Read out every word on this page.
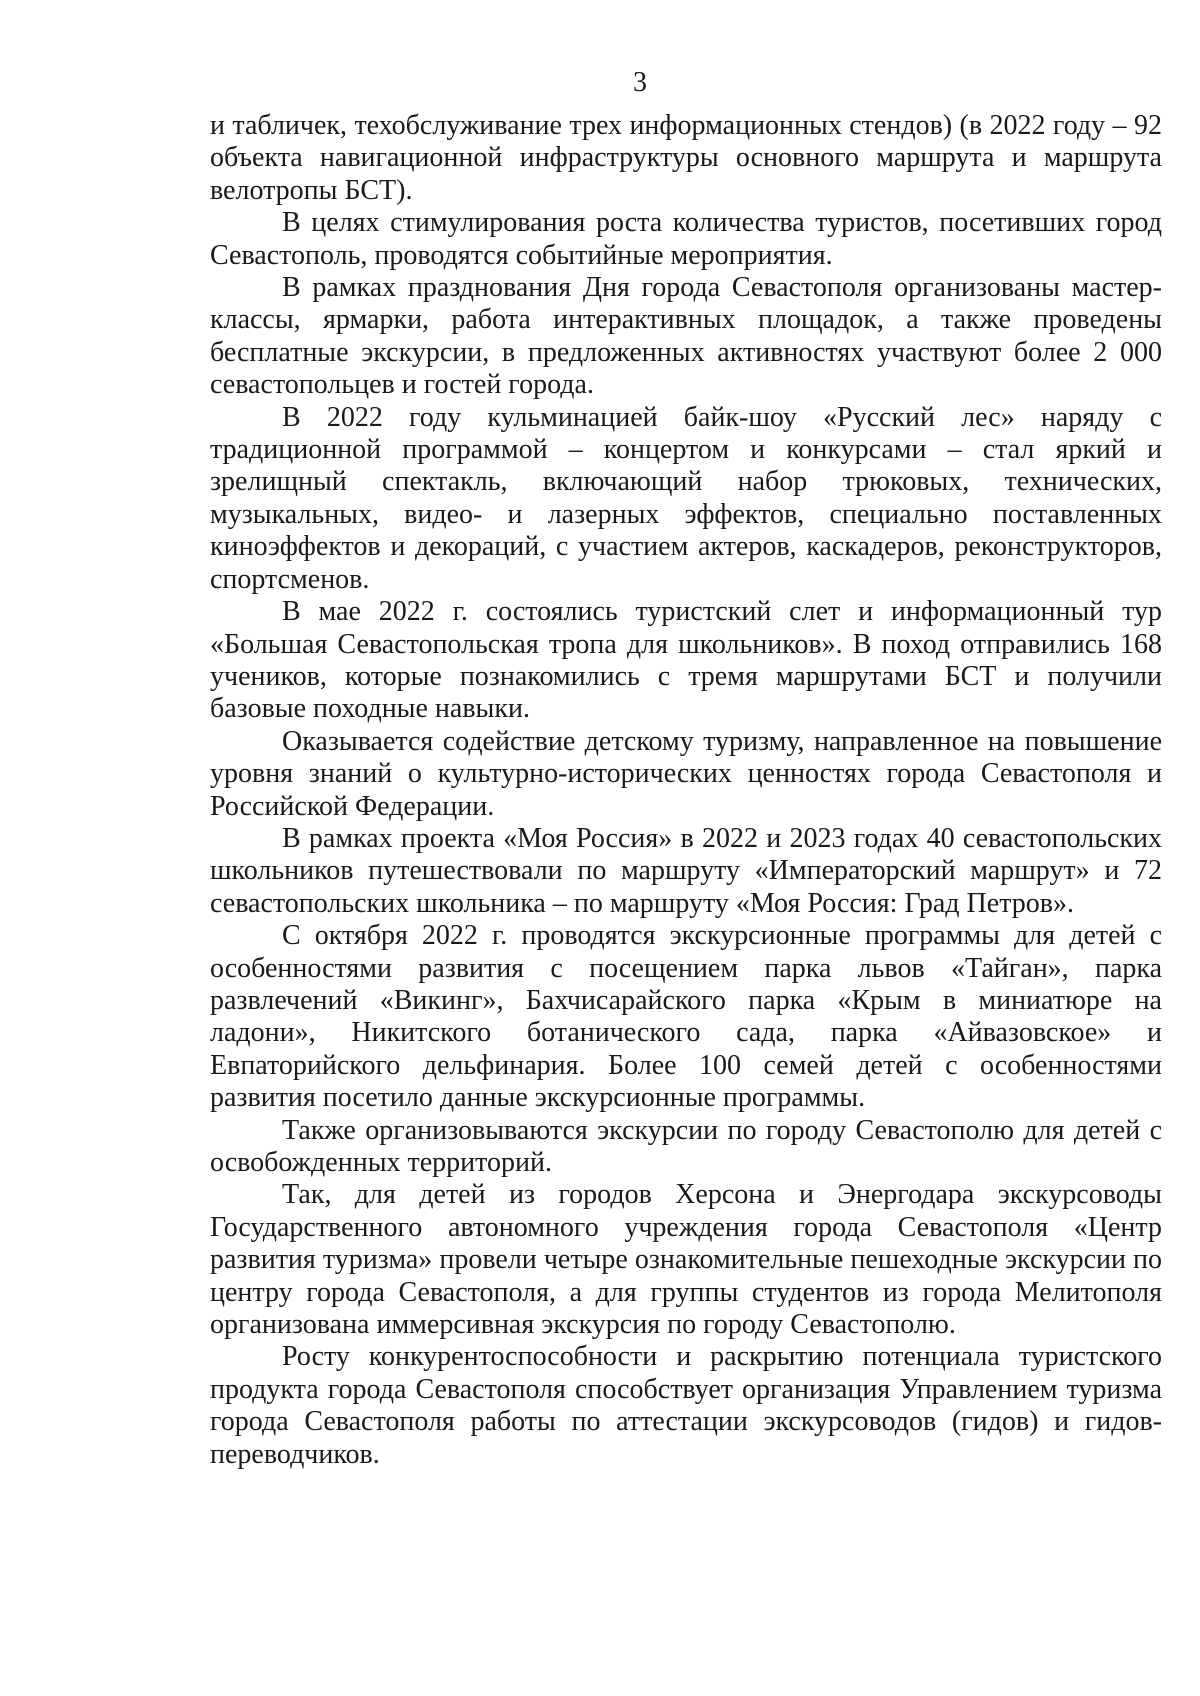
3

и табличек, техобслуживание трех информационных стендов) (в 2022 году – 92 объекта навигационной инфраструктуры основного маршрута и маршрута велотропы БСТ).

В целях стимулирования роста количества туристов, посетивших город Севастополь, проводятся событийные мероприятия.

В рамках празднования Дня города Севастополя организованы мастер-классы, ярмарки, работа интерактивных площадок, а также проведены бесплатные экскурсии, в предложенных активностях участвуют более 2 000 севастопольцев и гостей города.

В 2022 году кульминацией байк-шоу «Русский лес» наряду с традиционной программой – концертом и конкурсами – стал яркий и зрелищный спектакль, включающий набор трюковых, технических, музыкальных, видео- и лазерных эффектов, специально поставленных киноэффектов и декораций, с участием актеров, каскадеров, реконструкторов, спортсменов.

В мае 2022 г. состоялись туристский слет и информационный тур «Большая Севастопольская тропа для школьников». В поход отправились 168 учеников, которые познакомились с тремя маршрутами БСТ и получили базовые походные навыки.

Оказывается содействие детскому туризму, направленное на повышение уровня знаний о культурно-исторических ценностях города Севастополя и Российской Федерации.

В рамках проекта «Моя Россия» в 2022 и 2023 годах 40 севастопольских школьников путешествовали по маршруту «Императорский маршрут» и 72 севастопольских школьника – по маршруту «Моя Россия: Град Петров».

С октября 2022 г. проводятся экскурсионные программы для детей с особенностями развития с посещением парка львов «Тайган», парка развлечений «Викинг», Бахчисарайского парка «Крым в миниатюре на ладони», Никитского ботанического сада, парка «Айвазовское» и Евпаторийского дельфинария. Более 100 семей детей с особенностями развития посетило данные экскурсионные программы.

Также организовываются экскурсии по городу Севастополю для детей с освобожденных территорий.

Так, для детей из городов Херсона и Энергодара экскурсоводы Государственного автономного учреждения города Севастополя «Центр развития туризма» провели четыре ознакомительные пешеходные экскурсии по центру города Севастополя, а для группы студентов из города Мелитополя организована иммерсивная экскурсия по городу Севастополю.

Росту конкурентоспособности и раскрытию потенциала туристского продукта города Севастополя способствует организация Управлением туризма города Севастополя работы по аттестации экскурсоводов (гидов) и гидов-переводчиков.
